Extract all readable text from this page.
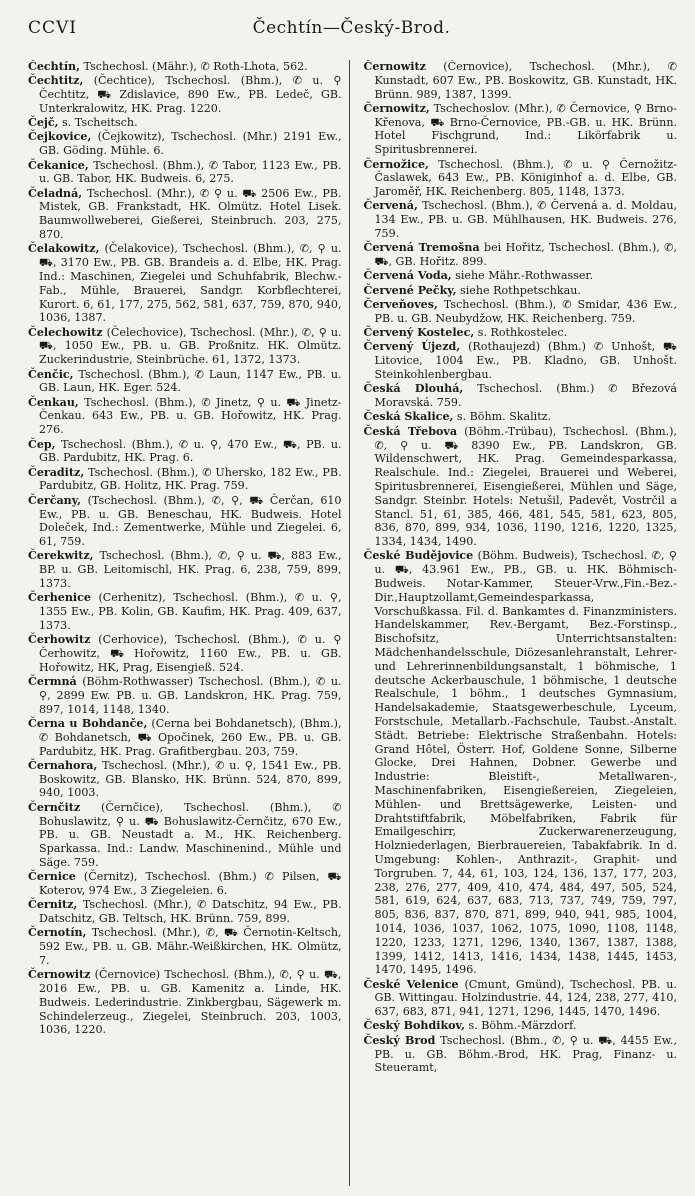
CCVI	Čechtín—Český-Brod.

Čechtín, Tschechosl. (Mähr.), ✆ Roth-Lhota, 562.

Čechtitz, (Čechtice), Tschechosl. (Bhm.), ✆ u. ⚲ Čechtitz, ⛟ Zdislavice, 890 Ew., PB. Ledeč, GB. Unterkralowitz, HK. Prag. 1220.

Čejč, s. Tscheitsch.

Čejkovice, (Čejkowitz), Tschechosl. (Mhr.) 2191 Ew., GB. Göding. Mühle. 6.

Čekanice, Tschechosl. (Bhm.), ✆ Tabor, 1123 Ew., PB. u. GB. Tabor, HK. Budweis. 6, 275.

Čeladná, Tschechosl. (Mhr.), ✆ ⚲ u. ⛟ 2506 Ew., PB. Mistek, GB. Frankstadt, HK. Olmütz. Hotel Lisek. Baumwollweberei, Gießerei, Steinbruch. 203, 275, 870.

Čelakowitz, (Čelakovice), Tschechosl. (Bhm.), ✆, ⚲ u. ⛟, 3170 Ew., PB. GB. Brandeis a. d. Elbe, HK. Prag. Ind.: Maschinen, Ziegelei und Schuhfabrik, Blechw.-Fab., Mühle, Brauerei, Sandgr. Korbflechterei, Kurort. 6, 61, 177, 275, 562, 581, 637, 759, 870, 940, 1036, 1387.

Čelechowitz (Čelechovice), Tschechosl. (Mhr.), ✆, ⚲ u. ⛟, 1050 Ew., PB. u. GB. Proßnitz. HK. Olmütz. Zuckerindustrie, Steinbrüche. 61, 1372, 1373.

Čenčic, Tschechosl. (Bhm.), ✆ Laun, 1147 Ew., PB. u. GB. Laun, HK. Eger. 524.

Čenkau, Tschechosl. (Bhm.), ✆ Jinetz, ⚲ u. ⛟ Jinetz-Čenkau. 643 Ew., PB. u. GB. Hořowitz, HK. Prag. 276.

Čep, Tschechosl. (Bhm.), ✆ u. ⚲, 470 Ew., ⛟, PB. u. GB. Pardubitz, HK. Prag. 6.

Čeraditz, Tschechosl. (Bhm.), ✆ Uhersko, 182 Ew., PB. Pardubitz, GB. Holitz, HK. Prag. 759.

Čerčany, (Tschechosl. (Bhm.), ✆, ⚲, ⛟ Čerčan, 610 Ew., PB. u. GB. Beneschau, HK. Budweis. Hotel Doleček, Ind.: Zementwerke, Mühle und Ziegelei. 6, 61, 759.

Čerekwitz, Tschechosl. (Bhm.), ✆, ⚲ u. ⛟, 883 Ew., BP. u. GB. Leitomischl, HK. Prag. 6, 238, 759, 899, 1373.

Čerhenice (Cerhenitz), Tschechosl. (Bhm.), ✆ u. ⚲, 1355 Ew., PB. Kolin, GB. Kaufim, HK. Prag. 409, 637, 1373.

Čerhowitz (Cerhovice), Tschechosl. (Bhm.), ✆ u. ⚲ Čerhowitz, ⛟ Hořowitz, 1160 Ew., PB. u. GB. Hořowitz, HK, Prag, Eisengieß. 524.

Čermná (Böhm-Rothwasser) Tschechosl. (Bhm.), ✆ u. ⚲, 2899 Ew. PB. u. GB. Landskron, HK. Prag. 759, 897, 1014, 1148, 1340.

Černa u Bohdanče, (Cerna bei Bohdanetsch), (Bhm.), ✆ Bohdanetsch, ⛟ Opočinek, 260 Ew., PB. u. GB. Pardubitz, HK. Prag. Grafitbergbau. 203, 759.

Černahora, Tschechosl. (Mhr.), ✆ u. ⚲, 1541 Ew., PB. Boskowitz, GB. Blansko, HK. Brünn. 524, 870, 899, 940, 1003.

Černčitz (Černčice), Tschechosl. (Bhm.), ✆ Bohuslawitz, ⚲ u. ⛟ Bohuslawitz-Černčitz, 670 Ew., PB. u. GB. Neustadt a. M., HK. Reichenberg. Sparkassa. Ind.: Landw. Maschinenind., Mühle und Säge. 759.

Černice (Černitz), Tschechosl. (Bhm.) ✆ Pilsen, ⛟ Koterov, 974 Ew., 3 Ziegeleien. 6.

Černitz, Tschechosl. (Mhr.), ✆ Datschitz, 94 Ew., PB. Datschitz, GB. Teltsch, HK. Brünn. 759, 899.

Černotín, Tschechosl. (Mhr.), ✆, ⛟ Černotin-Keltsch, 592 Ew., PB. u. GB. Mähr.-Weißkirchen, HK. Olmütz, 7.

Černowitz (Černovice) Tschechosl. (Bhm.), ✆, ⚲ u. ⛟, 2016 Ew., PB. u. GB. Kamenitz a. Linde, HK. Budweis. Lederindustrie. Zinkbergbau, Sägewerk m. Schindelerzeug., Ziegelei, Steinbruch. 203, 1003, 1036, 1220.

Černowitz (Černovice), Tschechosl. (Mhr.), ✆ Kunstadt, 607 Ew., PB. Boskowitz, GB. Kunstadt, HK. Brünn. 989, 1387, 1399.

Černowitz, Tschechoslov. (Mhr.), ✆ Černovice, ⚲ Brno-Křenova, ⛟ Brno-Černovice, PB.-GB. u. HK. Brünn. Hotel Fischgrund, Ind.: Likörfabrik u. Spiritusbrennerei.

Černožice, Tschechosl. (Bhm.), ✆ u. ⚲ Černožitz-Časlawek, 643 Ew., PB. Königinhof a. d. Elbe, GB. Jaroměř, HK. Reichenberg. 805, 1148, 1373.

Červená, Tschechosl. (Bhm.), ✆ Červená a. d. Moldau, 134 Ew., PB. u. GB. Mühlhausen, HK. Budweis. 276, 759.

Červená Tremošna bei Hořitz, Tschechosl. (Bhm.), ✆, ⛟, GB. Hořitz. 899.

Červená Voda, siehe Mähr.-Rothwasser.

Červené Pečky, siehe Rothpetschkau.

Červeňoves, Tschechosl. (Bhm.), ✆ Smidar, 436 Ew., PB. u. GB. Neubydžow, HK. Reichenberg. 759.

Červený Kostelec, s. Rothkostelec.

Červený Újezd, (Rothaujezd) (Bhm.) ✆ Unhošt, ⛟ Litovice, 1004 Ew., PB. Kladno, GB. Unhošt. Steinkohlenbergbau.

Česká Dlouhá, Tschechosl. (Bhm.) ✆ Březová Moravská. 759.

Česká Skalice, s. Böhm. Skalitz.

Česká Třebova (Böhm.-Trübau), Tschechosl. (Bhm.), ✆, ⚲ u. ⛟ 8390 Ew., PB. Landskron, GB. Wildenschwert, HK. Prag. Gemeindesparkassa, Realschule. Ind.: Ziegelei, Brauerei und Weberei, Spiritusbrennerei, Eisengießerei, Mühlen und Säge, Sandgr. Steinbr. Hotels: Netušil, Padevět, Vostrčil a Stancl. 51, 61, 385, 466, 481, 545, 581, 623, 805, 836, 870, 899, 934, 1036, 1190, 1216, 1220, 1325, 1334, 1434, 1490.

České Budějovice (Böhm. Budweis), Tschechosl. ✆, ⚲ u. ⛟, 43.961 Ew., PB., GB. u. HK. Böhmisch-Budweis. Notar-Kammer, Steuer-Vrw.,Fin.-Bez.-Dir.,Hauptzollamt,Gemeindesparkassa, Vorschußkassa. Fil. d. Bankamtes d. Finanzministers. Handelskammer, Rev.-Bergamt, Bez.-Forstinsp., Bischofsitz, Unterrichtsanstalten: Mädchenhandelsschule, Diözesanlehranstalt, Lehrer- und Lehrerinnenbildungsanstalt, 1 böhmische, 1 deutsche Ackerbauschule, 1 böhmische, 1 deutsche Realschule, 1 böhm., 1 deutsches Gymnasium, Handelsakademie, Staatsgewerbeschule, Lyceum, Forstschule, Metallarb.-Fachschule, Taubst.-Anstalt. Städt. Betriebe: Elektrische Straßenbahn. Hotels: Grand Hôtel, Österr. Hof, Goldene Sonne, Silberne Glocke, Drei Hahnen, Dobner. Gewerbe und Industrie: Bleistift-, Metallwaren-, Maschinenfabriken, Eisengießereien, Ziegeleien, Mühlen- und Brettsägewerke, Leisten- und Drahtstiftfabrik, Möbelfabriken, Fabrik für Emailgeschirr, Zuckerwarenerzeugung, Holzniederlagen, Bierbrauereien, Tabakfabrik. In d. Umgebung: Kohlen-, Anthrazit-, Graphit- und Torgruben. 7, 44, 61, 103, 124, 136, 137, 177, 203, 238, 276, 277, 409, 410, 474, 484, 497, 505, 524, 581, 619, 624, 637, 683, 713, 737, 749, 759, 797, 805, 836, 837, 870, 871, 899, 940, 941, 985, 1004, 1014, 1036, 1037, 1062, 1075, 1090, 1108, 1148, 1220, 1233, 1271, 1296, 1340, 1367, 1387, 1388, 1399, 1412, 1413, 1416, 1434, 1438, 1445, 1453, 1470, 1495, 1496.

České Velenice (Cmunt, Gmünd), Tschechosl. PB. u. GB. Wittingau. Holzindustrie. 44, 124, 238, 277, 410, 637, 683, 871, 941, 1271, 1296, 1445, 1470, 1496.

Český Bohdikov, s. Böhm.-Märzdorf.

Český Brod Tschechosl. (Bhm., ✆, ⚲ u. ⛟, 4455 Ew., PB. u. GB. Böhm.-Brod, HK. Prag, Finanz- u. Steueramt,
